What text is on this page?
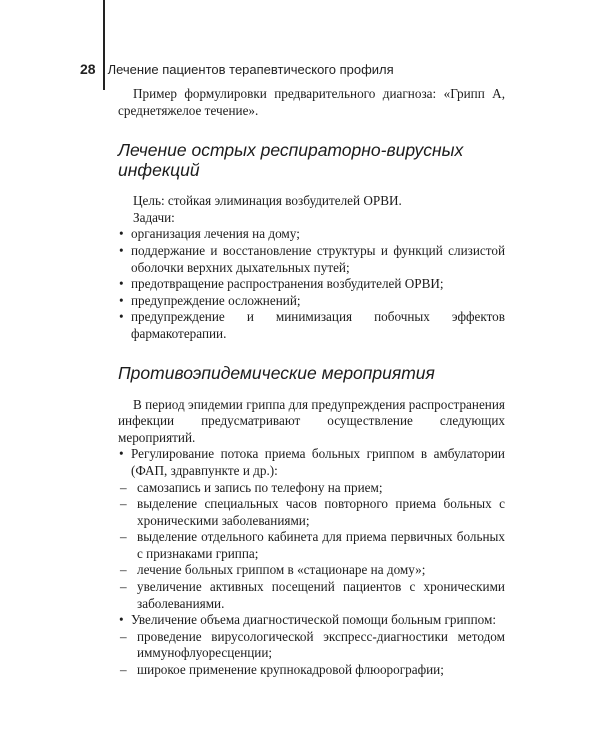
28 Лечение пациентов терапевтического профиля

Пример формулировки предварительного диагноза: «Грипп А, среднетяжелое течение».

Лечение острых респираторно-вирусных инфекций

Цель: стойкая элиминация возбудителей ОРВИ.

Задачи:

• организация лечения на дому;
• поддержание и восстановление структуры и функций слизистой оболочки верхних дыхательных путей;
• предотвращение распространения возбудителей ОРВИ;
• предупреждение осложнений;
• предупреждение и минимизация побочных эффектов фармакотерапии.
Противоэпидемические мероприятия

В период эпидемии гриппа для предупреждения распространения инфекции предусматривают осуществление следующих мероприятий.

• Регулирование потока приема больных гриппом в амбулатории (ФАП, здравпункте и др.):
– самозапись и запись по телефону на прием;
– выделение специальных часов повторного приема больных с хроническими заболеваниями;
– выделение отдельного кабинета для приема первичных больных с признаками гриппа;
– лечение больных гриппом в «стационаре на дому»;
– увеличение активных посещений пациентов с хроническими заболеваниями.
• Увеличение объема диагностической помощи больным гриппом:
– проведение вирусологической экспресс-диагностики методом иммунофлуоресценции;
– широкое применение крупнокадровой флюорографии;
